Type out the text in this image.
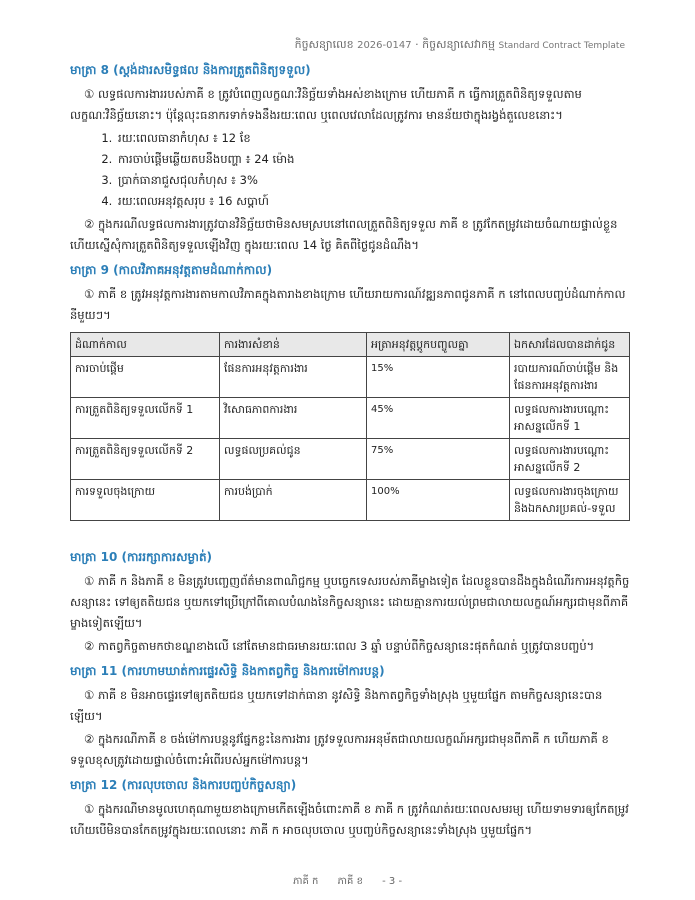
កិច្ចសន្យាលេខ 2026-0147 · កិច្ចសន្យាសេវាកម្ម Standard Contract Template
មាត្រា 8 (ស្តង់ដារសមិទ្ធផល និងការត្រួតពិនិត្យទទួល)

① លទ្ធផលការងាររបស់ភាគី ខ ត្រូវបំពេញលក្ខណៈវិនិច្ឆ័យទាំងអស់ខាងក្រោម ហើយភាគី ក ធ្វើការត្រួតពិនិត្យទទួលតាមលក្ខណៈវិនិច្ឆ័យនោះ។ ប៉ុន្តែលុះធនាករទាក់ទងនឹងរយៈពេល ឬពេលវេលាដែលត្រូវការ មានន័យថាក្នុងរង្វង់តួលេខនោះ។

1. រយៈពេលធានាកំហុស ៖ 12 ខែ
2. ការចាប់ផ្តើមឆ្លើយតបនឹងបញ្ហា ៖ 24 ម៉ោង
3. ប្រាក់ធានាជួសជុលកំហុស ៖ 3%
4. រយៈពេលអនុវត្តសរុប ៖ 16 សប្តាហ៍

② ក្នុងករណីលទ្ធផលការងារត្រូវបានវិនិច្ឆ័យថាមិនសមស្របនៅពេលត្រួតពិនិត្យទទួល ភាគី ខ ត្រូវកែតម្រូវដោយចំណាយផ្ទាល់ខ្លួន ហើយស្នើសុំការត្រួតពិនិត្យទទួលឡើងវិញ ក្នុងរយៈពេល 14 ថ្ងៃ គិតពីថ្ងៃជូនដំណឹង។

មាត្រា 9 (កាលវិភាគអនុវត្តតាមដំណាក់កាល)

① ភាគី ខ ត្រូវអនុវត្តការងារតាមកាលវិភាគក្នុងតារាងខាងក្រោម ហើយរាយការណ៍វឌ្ឍនភាពជូនភាគី ក នៅពេលបញ្ចប់ដំណាក់កាលនីមួយៗ។

ដំណាក់កាល	ការងារសំខាន់	អត្រាអនុវត្តប្តូកបញ្ចូលគ្នា	ឯកសារដែលបានដាក់ជូន
ការចាប់ផ្តើម	ផែនការអនុវត្តការងារ	15%	របាយការណ៍ចាប់ផ្តើម និងផែនការអនុវត្តការងារ
ការត្រួតពិនិត្យទទួលលើកទី 1	វិសោធភាពការងារ	45%	លទ្ធផលការងារបណ្តោះអាសន្នលើកទី 1
ការត្រួតពិនិត្យទទួលលើកទី 2	លទ្ធផលប្រគល់ជូន	75%	លទ្ធផលការងារបណ្តោះអាសន្នលើកទី 2
ការទទួលចុងក្រោយ	ការបង់ប្រាក់	100%	លទ្ធផលការងារចុងក្រោយ និងឯកសារប្រគល់-ទទួល
មាត្រា 10 (ការរក្សាការសម្ងាត់)

① ភាគី ក និងភាគី ខ មិនត្រូវបញ្ចេញព័ត៌មានពាណិជ្ជកម្ម ឬបច្ចេកទេសរបស់ភាគីម្ខាងទៀត ដែលខ្លួនបានដឹងក្នុងដំណើរការអនុវត្តកិច្ចសន្យានេះ ទៅឲ្យតតិយជន ឬយកទៅប្រើក្រៅពីគោលបំណងនៃកិច្ចសន្យានេះ ដោយគ្មានការយល់ព្រមជាលាយលក្ខណ៍អក្សរជាមុនពីភាគីម្ខាងទៀតឡើយ។

② កាតព្វកិច្ចតាមកថាខណ្ឌខាងលើ នៅតែមានជាធរមានរយៈពេល 3 ឆ្នាំ បន្ទាប់ពីកិច្ចសន្យានេះផុតកំណត់ ឬត្រូវបានបញ្ចប់។

មាត្រា 11 (ការហាមឃាត់ការផ្ទេរសិទ្ធិ និងកាតព្វកិច្ច និងការម៉ៅការបន្ត)

① ភាគី ខ មិនអាចផ្ទេរទៅឲ្យតតិយជន ឬយកទៅដាក់ធានា នូវសិទ្ធិ និងកាតព្វកិច្ចទាំងស្រុង ឬមួយផ្នែក តាមកិច្ចសន្យានេះបានឡើយ។

② ក្នុងករណីភាគី ខ ចង់ម៉ៅការបន្តនូវផ្នែកខ្លះនៃការងារ ត្រូវទទួលការអនុម័តជាលាយលក្ខណ៍អក្សរជាមុនពីភាគី ក ហើយភាគី ខ ទទួលខុសត្រូវដោយផ្ទាល់ចំពោះអំពើរបស់អ្នកម៉ៅការបន្ត។

មាត្រា 12 (ការលុបចោល និងការបញ្ចប់កិច្ចសន្យា)

① ក្នុងករណីមានមូលហេតុណាមួយខាងក្រោមកើតឡើងចំពោះភាគី ខ ភាគី ក ត្រូវកំណត់រយៈពេលសមរម្យ ហើយទាមទារឲ្យកែតម្រូវ ហើយបើមិនបានកែតម្រូវក្នុងរយៈពេលនោះ ភាគី ក អាចលុបចោល ឬបញ្ចប់កិច្ចសន្យានេះទាំងស្រុង ឬមួយផ្នែក។

ភាគី ក ភាគី ខ - 3 -
